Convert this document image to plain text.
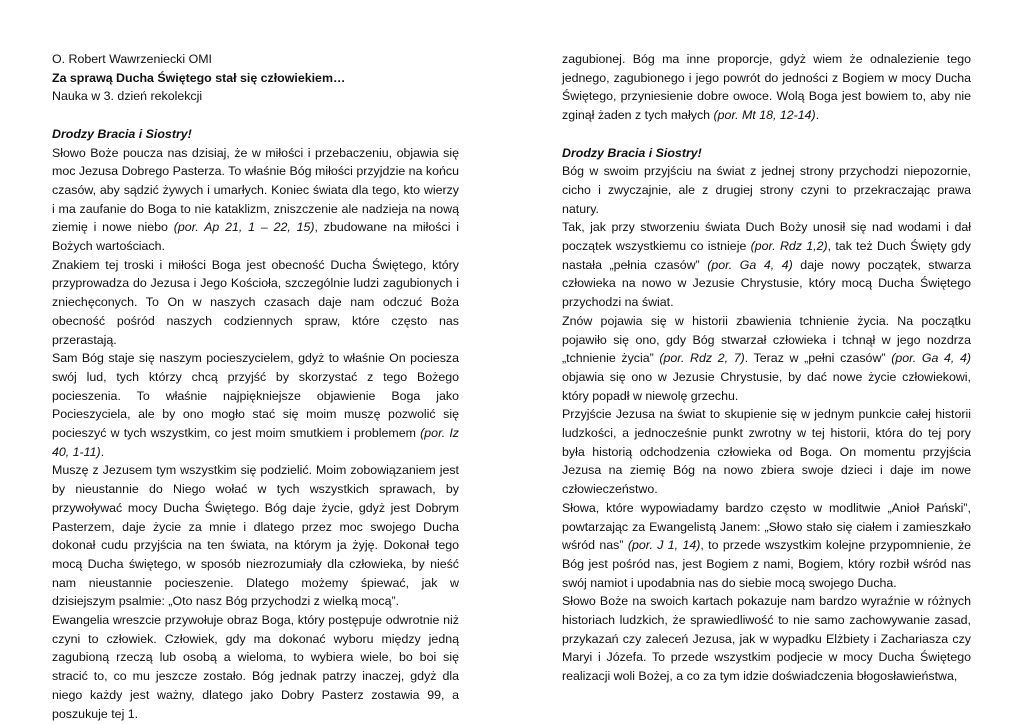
O. Robert Wawrzeniecki OMI

Za sprawą Ducha Świętego stał się człowiekiem…

Nauka w 3. dzień rekolekcji

Drodzy Bracia i Siostry!

Słowo Boże poucza nas dzisiaj, że w miłości i przebaczeniu, objawia się moc Jezusa Dobrego Pasterza. To właśnie Bóg miłości przyjdzie na końcu czasów, aby sądzić żywych i umarłych. Koniec świata dla tego, kto wierzy i ma zaufanie do Boga to nie kataklizm, zniszczenie ale nadzieja na nową ziemię i nowe niebo (por. Ap 21, 1 – 22, 15), zbudowane na miłości i Bożych wartościach.

Znakiem tej troski i miłości Boga jest obecność Ducha Świętego, który przyprowadza do Jezusa i Jego Kościoła, szczególnie ludzi zagubionych i zniechęconych. To On w naszych czasach daje nam odczuć Boża obecność pośród naszych codziennych spraw, które często nas przerastają.

Sam Bóg staje się naszym pocieszycielem, gdyż to właśnie On pociesza swój lud, tych którzy chcą przyjść by skorzystać z tego Bożego pocieszenia. To właśnie najpiękniejsze objawienie Boga jako Pocieszyciela, ale by ono mogło stać się moim muszę pozwolić się pocieszyć w tych wszystkim, co jest moim smutkiem i problemem (por. Iz 40, 1-11).

Muszę z Jezusem tym wszystkim się podzielić. Moim zobowiązaniem jest by nieustannie do Niego wołać w tych wszystkich sprawach, by przywoływać mocy Ducha Świętego. Bóg daje życie, gdyż jest Dobrym Pasterzem, daje życie za mnie i dlatego przez moc swojego Ducha dokonał cudu przyjścia na ten świata, na którym ja żyję. Dokonał tego mocą Ducha świętego, w sposób niezrozumiały dla człowieka, by nieść nam nieustannie pocieszenie. Dlatego możemy śpiewać, jak w dzisiejszym psalmie: „Oto nasz Bóg przychodzi z wielką mocą”.

Ewangelia wreszcie przywołuje obraz Boga, który postępuje odwrotnie niż czyni to człowiek. Człowiek, gdy ma dokonać wyboru między jedną zagubioną rzeczą lub osobą a wieloma, to wybiera wiele, bo boi się stracić to, co mu jeszcze zostało. Bóg jednak patrzy inaczej, gdyż dla niego każdy jest ważny, dlatego jako Dobry Pasterz zostawia 99, a poszukuje tej 1.

zagubionej. Bóg ma inne proporcje, gdyż wiem że odnalezienie tego jednego, zagubionego i jego powrót do jedności z Bogiem w mocy Ducha Świętego, przyniesienie dobre owoce. Wolą Boga jest bowiem to, aby nie zginął żaden z tych małych (por. Mt 18, 12-14).

Drodzy Bracia i Siostry!

Bóg w swoim przyjściu na świat z jednej strony przychodzi niepozornie, cicho i zwyczajnie, ale z drugiej strony czyni to przekraczając prawa natury.

Tak, jak przy stworzeniu świata Duch Boży unosił się nad wodami i dał początek wszystkiemu co istnieje (por. Rdz 1,2), tak też Duch Święty gdy nastała „pełnia czasów” (por. Ga 4, 4) daje nowy początek, stwarza człowieka na nowo w Jezusie Chrystusie, który mocą Ducha Świętego przychodzi na świat.

Znów pojawia się w historii zbawienia tchnienie życia. Na początku pojawiło się ono, gdy Bóg stwarzał człowieka i tchnął w jego nozdrza „tchnienie życia” (por. Rdz 2, 7). Teraz w „pełni czasów” (por. Ga 4, 4) objawia się ono w Jezusie Chrystusie, by dać nowe życie człowiekowi, który popadł w niewolę grzechu.

Przyjście Jezusa na świat to skupienie się w jednym punkcie całej historii ludzkości, a jednocześnie punkt zwrotny w tej historii, która do tej pory była historią odchodzenia człowieka od Boga. On momentu przyjścia Jezusa na ziemię Bóg na nowo zbiera swoje dzieci i daje im nowe człowieczeństwo.

Słowa, które wypowiadamy bardzo często w modlitwie „Anioł Pański”, powtarzając za Ewangelistą Janem: „Słowo stało się ciałem i zamieszkało wśród nas” (por. J 1, 14), to przede wszystkim kolejne przypomnienie, że Bóg jest pośród nas, jest Bogiem z nami, Bogiem, który rozbił wśród nas swój namiot i upodabnia nas do siebie mocą swojego Ducha.

Słowo Boże na swoich kartach pokazuje nam bardzo wyraźnie w różnych historiach ludzkich, że sprawiedliwość to nie samo zachowywanie zasad, przykazań czy zaleceń Jezusa, jak w wypadku Elżbiety i Zachariasza czy Maryi i Józefa. To przede wszystkim podjecie w mocy Ducha Świętego realizacji woli Bożej, a co za tym idzie doświadczenia błogosławieństwa,
